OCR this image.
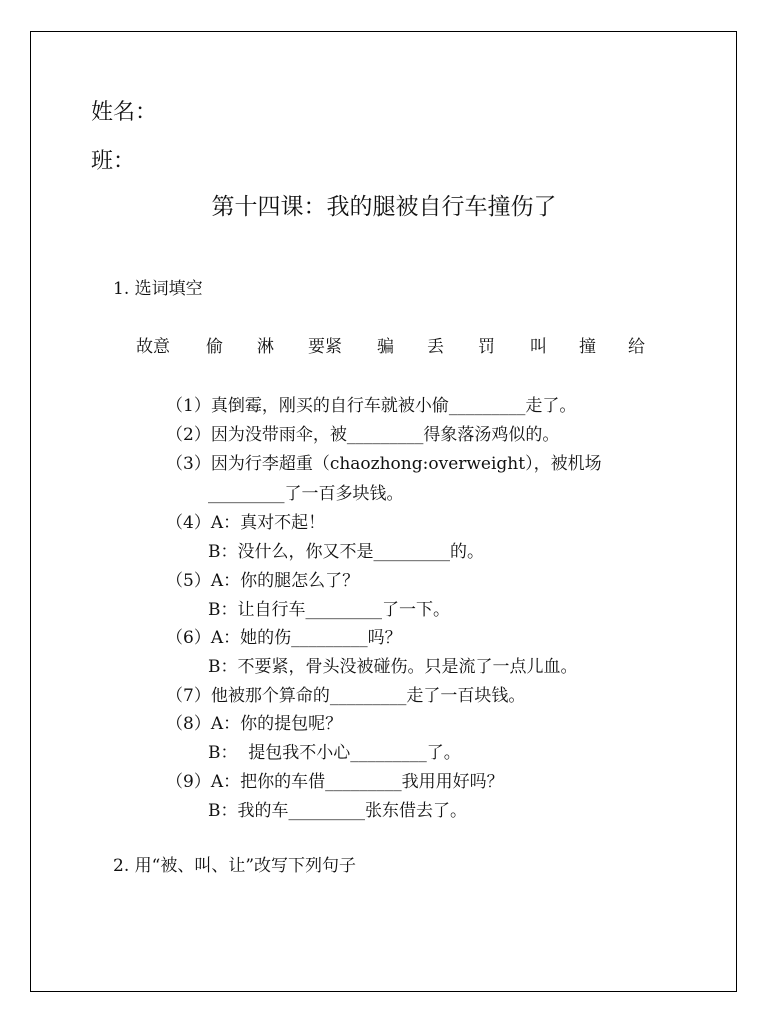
姓名：
班：
第十四课：我的腿被自行车撞伤了
1. 选词填空
故意 偷 淋 要紧 骗 丢 罚 叫 撞 给
（1）真倒霉，刚买的自行车就被小偷_________走了。
（2）因为没带雨伞，被_________得象落汤鸡似的。
（3）因为行李超重（chaozhong:overweight），被机场
_________了一百多块钱。
（4）A：真对不起！
B：没什么，你又不是_________的。
（5）A：你的腿怎么了？
B：让自行车_________了一下。
（6）A：她的伤_________吗？
B：不要紧，骨头没被碰伤。只是流了一点儿血。
（7）他被那个算命的_________走了一百块钱。
（8）A：你的提包呢？
B：  提包我不小心_________了。
（9）A：把你的车借_________我用用好吗？
B：我的车_________张东借去了。
2. 用“被、叫、让”改写下列句子
